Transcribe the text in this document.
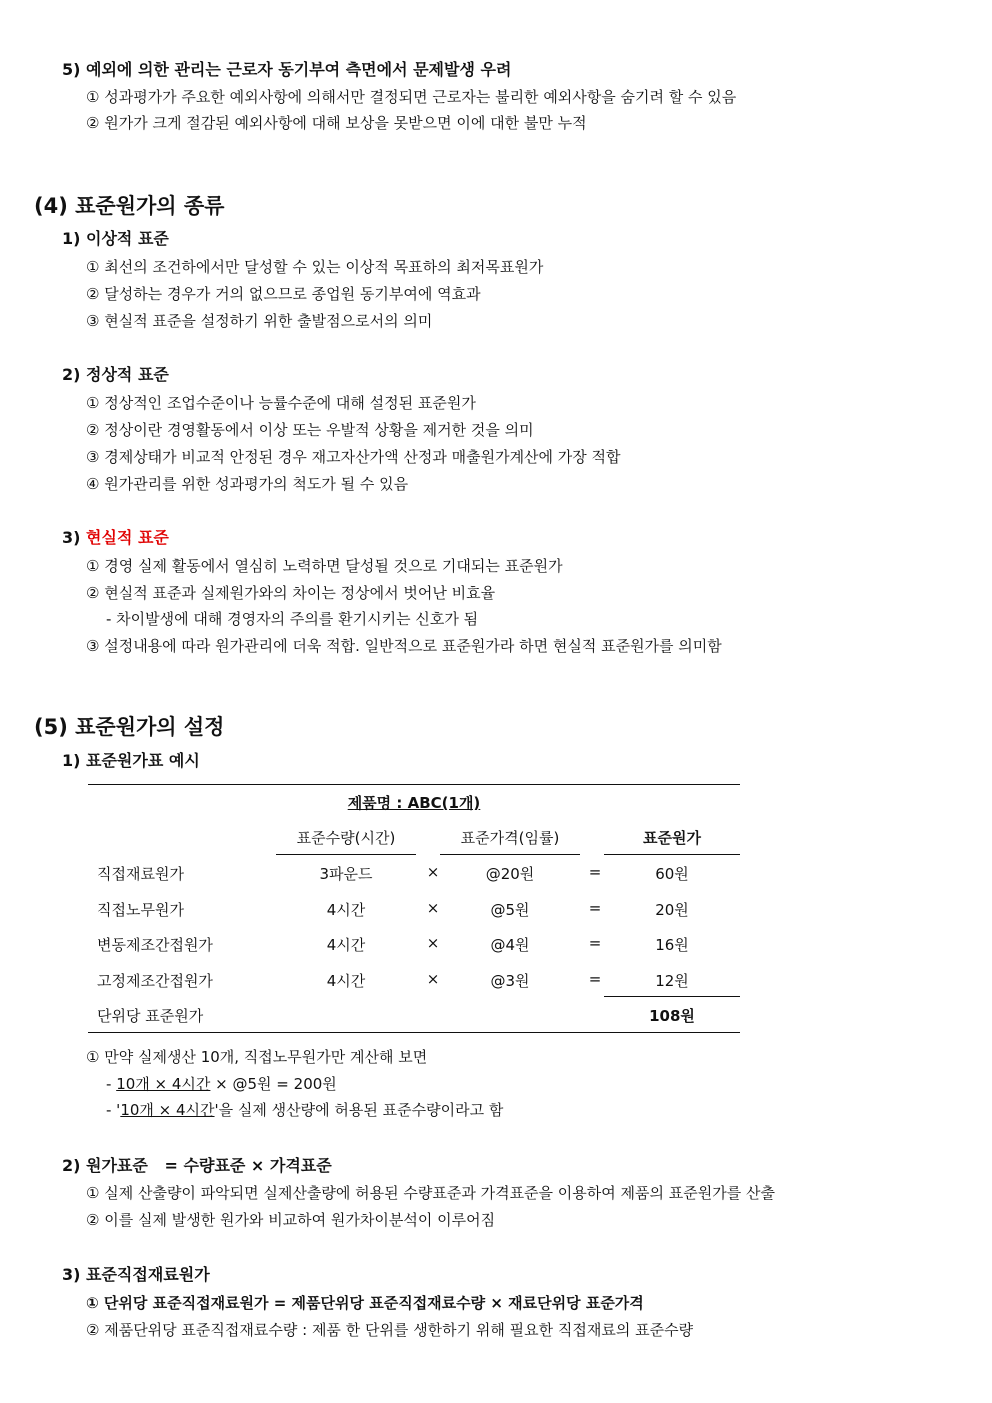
5) 예외에 의한 관리는 근로자 동기부여 측면에서 문제발생 우려
① 성과평가가 주요한 예외사항에 의해서만 결정되면 근로자는 불리한 예외사항을 숨기려 할 수 있음
② 원가가 크게 절감된 예외사항에 대해 보상을 못받으면 이에 대한 불만 누적
(4) 표준원가의 종류
1) 이상적 표준
① 최선의 조건하에서만 달성할 수 있는 이상적 목표하의 최저목표원가
② 달성하는 경우가 거의 없으므로 종업원 동기부여에 역효과
③ 현실적 표준을 설정하기 위한 출발점으로서의 의미
2) 정상적 표준
① 정상적인 조업수준이나 능률수준에 대해 설정된 표준원가
② 정상이란 경영활동에서 이상 또는 우발적 상황을 제거한 것을 의미
③ 경제상태가 비교적 안정된 경우 재고자산가액 산정과 매출원가계산에 가장 적합
④ 원가관리를 위한 성과평가의 척도가 될 수 있음
3) 현실적 표준
① 경영 실제 활동에서 열심히 노력하면 달성될 것으로 기대되는 표준원가
② 현실적 표준과 실제원가와의 차이는 정상에서 벗어난 비효율
- 차이발생에 대해 경영자의 주의를 환기시키는 신호가 됨
③ 설정내용에 따라 원가관리에 더욱 적합. 일반적으로 표준원가라 하면 현실적 표준원가를 의미함
(5) 표준원가의 설정
1) 표준원가표 예시
제품명 : ABC(1개)
표준수량(시간)	표준가격(임률)	표준원가
직접재료원가	3파운드	×	@20원	=	60원
직접노무원가	4시간	×	@5원	=	20원
변동제조간접원가	4시간	×	@4원	=	16원
고정제조간접원가	4시간	×	@3원	=	12원
단위당 표준원가	108원
① 만약 실제생산 10개, 직접노무원가만 계산해 보면
- 10개 × 4시간 × @5원 = 200원
- '10개 × 4시간'을 실제 생산량에 허용된 표준수량이라고 함
2) 원가표준   = 수량표준 × 가격표준
① 실제 산출량이 파악되면 실제산출량에 허용된 수량표준과 가격표준을 이용하여 제품의 표준원가를 산출
② 이를 실제 발생한 원가와 비교하여 원가차이분석이 이루어짐
3) 표준직접재료원가
① 단위당 표준직접재료원가 = 제품단위당 표준직접재료수량 × 재료단위당 표준가격
② 제품단위당 표준직접재료수량 : 제품 한 단위를 생한하기 위해 필요한 직접재료의 표준수량
